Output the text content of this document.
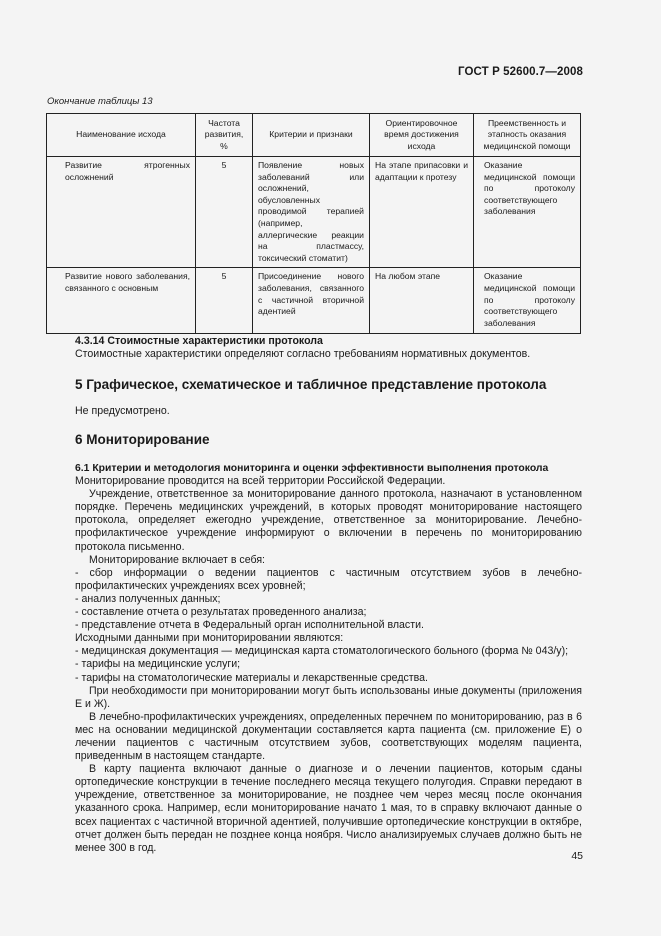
ГОСТ Р 52600.7—2008
Окончание таблицы 13
Наименование исхода	Частота развития, %	Критерии и признаки	Ориентировочное время достижения исхода	Преемственность и этапность оказания медицинской помощи
Развитие ятрогенных осложнений	5	Появление новых заболеваний или осложнений, обусловленных проводимой терапией (например, аллергические реакции на пластмассу, токсический стоматит)	На этапе припасовки и адаптации к протезу	Оказание медицинской помощи по протоколу соответствующего заболевания
Развитие нового заболевания, связанного с основным	5	Присоединение нового заболевания, связанного с частичной вторичной адентией	На любом этапе	Оказание медицинской помощи по протоколу соответствующего заболевания

4.3.14 Стоимостные характеристики протокола

Стоимостные характеристики определяют согласно требованиям нормативных документов.

5 Графическое, схематическое и табличное представление протокола
Не предусмотрено.
6 Мониторирование

6.1 Критерии и методология мониторинга и оценки эффективности выполнения протокола

Мониторирование проводится на всей территории Российской Федерации.

Учреждение, ответственное за мониторирование данного протокола, назначают в установленном порядке. Перечень медицинских учреждений, в которых проводят мониторирование настоящего протокола, определяет ежегодно учреждение, ответственное за мониторирование. Лечебно-профилактическое учреждение информируют о включении в перечень по мониторированию протокола письменно.

Мониторирование включает в себя:

- сбор информации о ведении пациентов с частичным отсутствием зубов в лечебно-профилактических учреждениях всех уровней;

- анализ полученных данных;

- составление отчета о результатах проведенного анализа;

- представление отчета в Федеральный орган исполнительной власти.

Исходными данными при мониторировании являются:

- медицинская документация — медицинская карта стоматологического больного (форма № 043/у);

- тарифы на медицинские услуги;

- тарифы на стоматологические материалы и лекарственные средства.

При необходимости при мониторировании могут быть использованы иные документы (приложения Е и Ж).

В лечебно-профилактических учреждениях, определенных перечнем по мониторированию, раз в 6 мес на основании медицинской документации составляется карта пациента (см. приложение Е) о лечении пациентов с частичным отсутствием зубов, соответствующих моделям пациента, приведенным в настоящем стандарте.

В карту пациента включают данные о диагнозе и о лечении пациентов, которым сданы ортопедические конструкции в течение последнего месяца текущего полугодия. Справки передают в учреждение, ответственное за мониторирование, не позднее чем через месяц после окончания указанного срока. Например, если мониторирование начато 1 мая, то в справку включают данные о всех пациентах с частичной вторичной адентией, получившие ортопедические конструкции в октябре, отчет должен быть передан не позднее конца ноября. Число анализируемых случаев должно быть не менее 300 в год.

45
